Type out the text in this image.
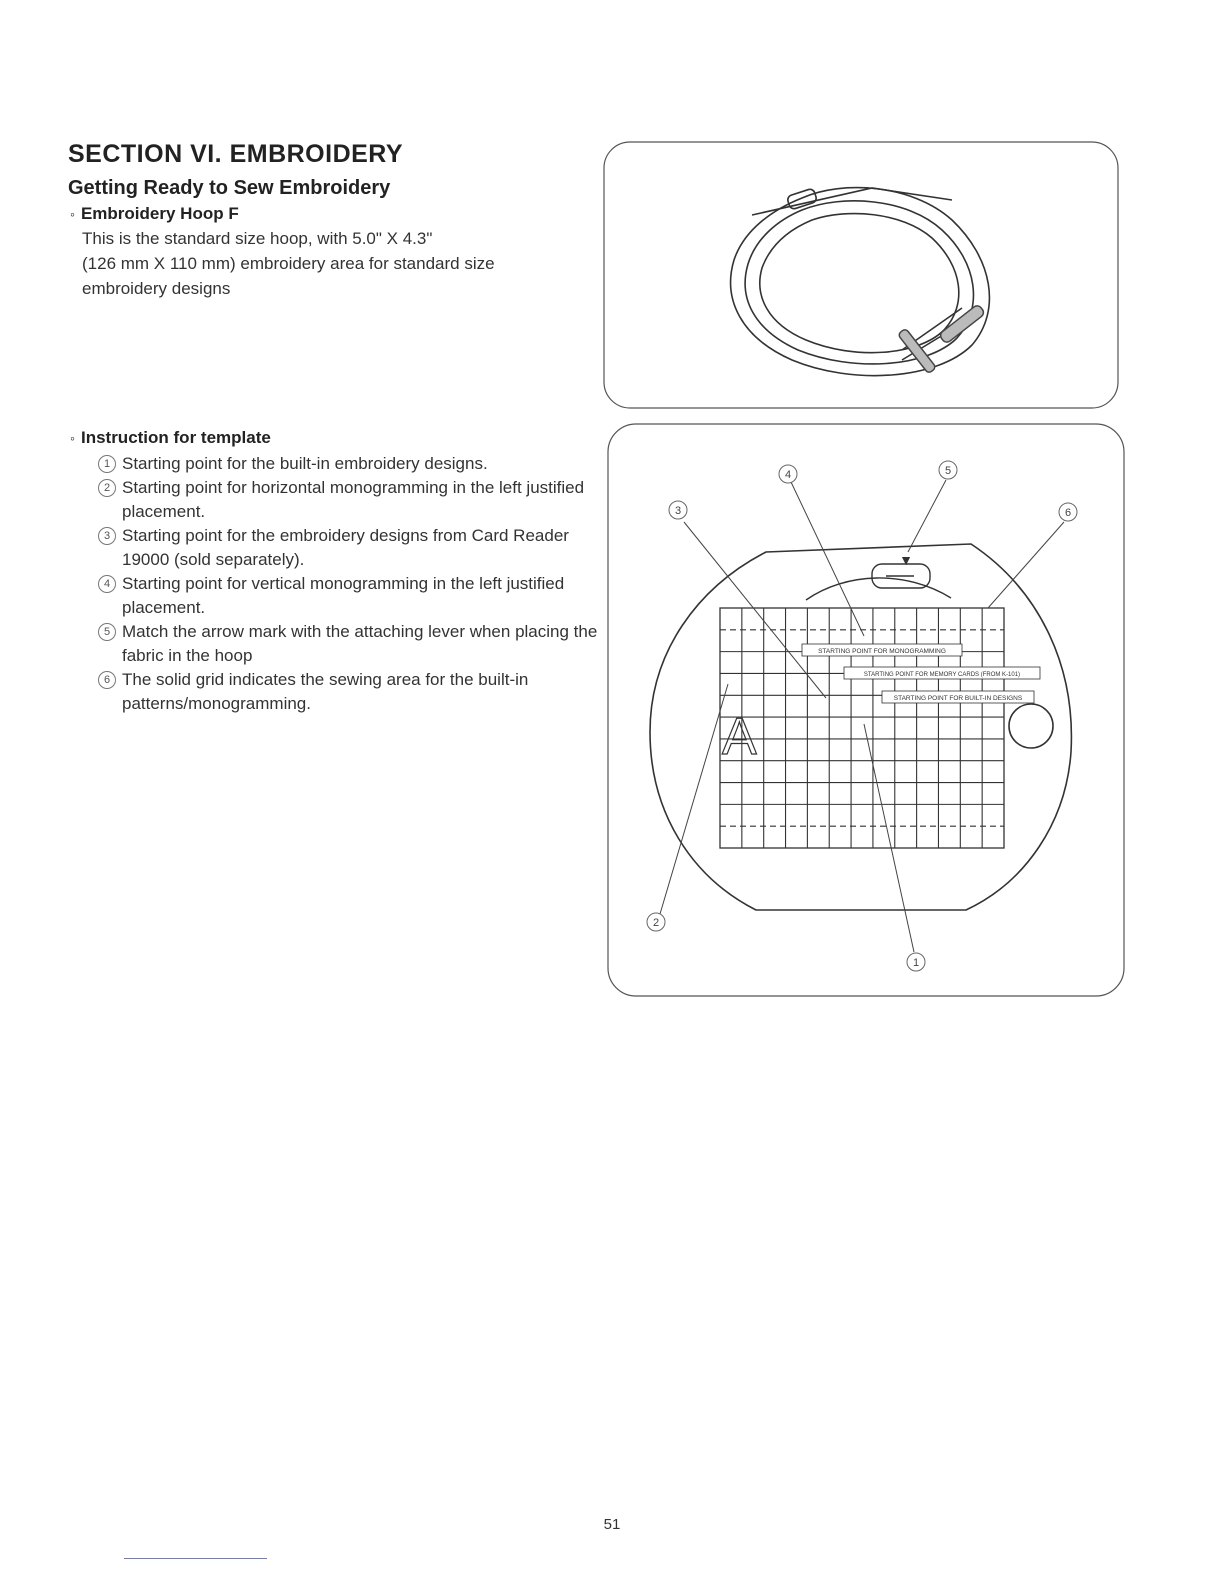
SECTION VI. EMBROIDERY
Getting Ready to Sew Embroidery

◦ Embroidery Hoop F

This is the standard size hoop, with 5.0" X 4.3"
(126 mm X 110 mm) embroidery area for standard size
embroidery designs

◦ Instruction for template

1 Starting point for the built-in embroidery designs.
2 Starting point for horizontal monogramming in the left justified placement.
3 Starting point for the embroidery designs from Card Reader 19000 (sold separately).
4 Starting point for vertical monogramming in the left justified placement.
5 Match the arrow mark with the attaching lever when placing the fabric in the hoop
6 The solid grid indicates the sewing area for the built-in patterns/monogramming.
▼
STARTING POINT FOR MONOGRAMMING
STARTING POINT FOR MEMORY CARDS (FROM K-101)
STARTING POINT FOR BUILT-IN DESIGNS
A
1
2
3
4	5
6
51
